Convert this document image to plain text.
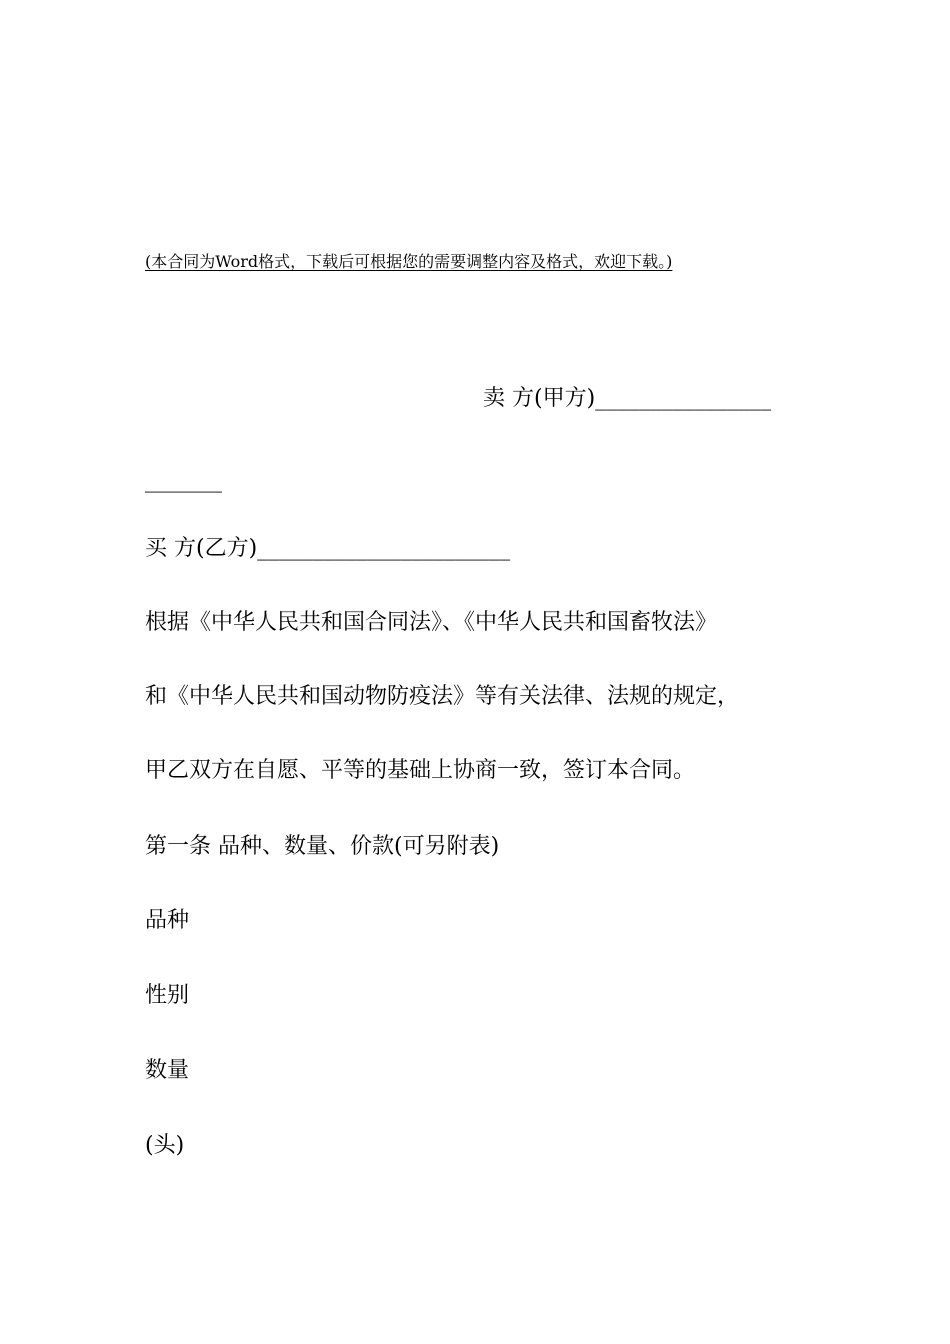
(本合同为Word格式，下载后可根据您的需要调整内容及格式，欢迎下载。)
卖 方(甲方)________________
_______
买 方(乙方)_______________________
根据《中华人民共和国合同法》、《中华人民共和国畜牧法》
和《中华人民共和国动物防疫法》等有关法律、法规的规定，
甲乙双方在自愿、平等的基础上协商一致，签订本合同。
第一条 品种、数量、价款(可另附表)
品种
性别
数量
(头)
